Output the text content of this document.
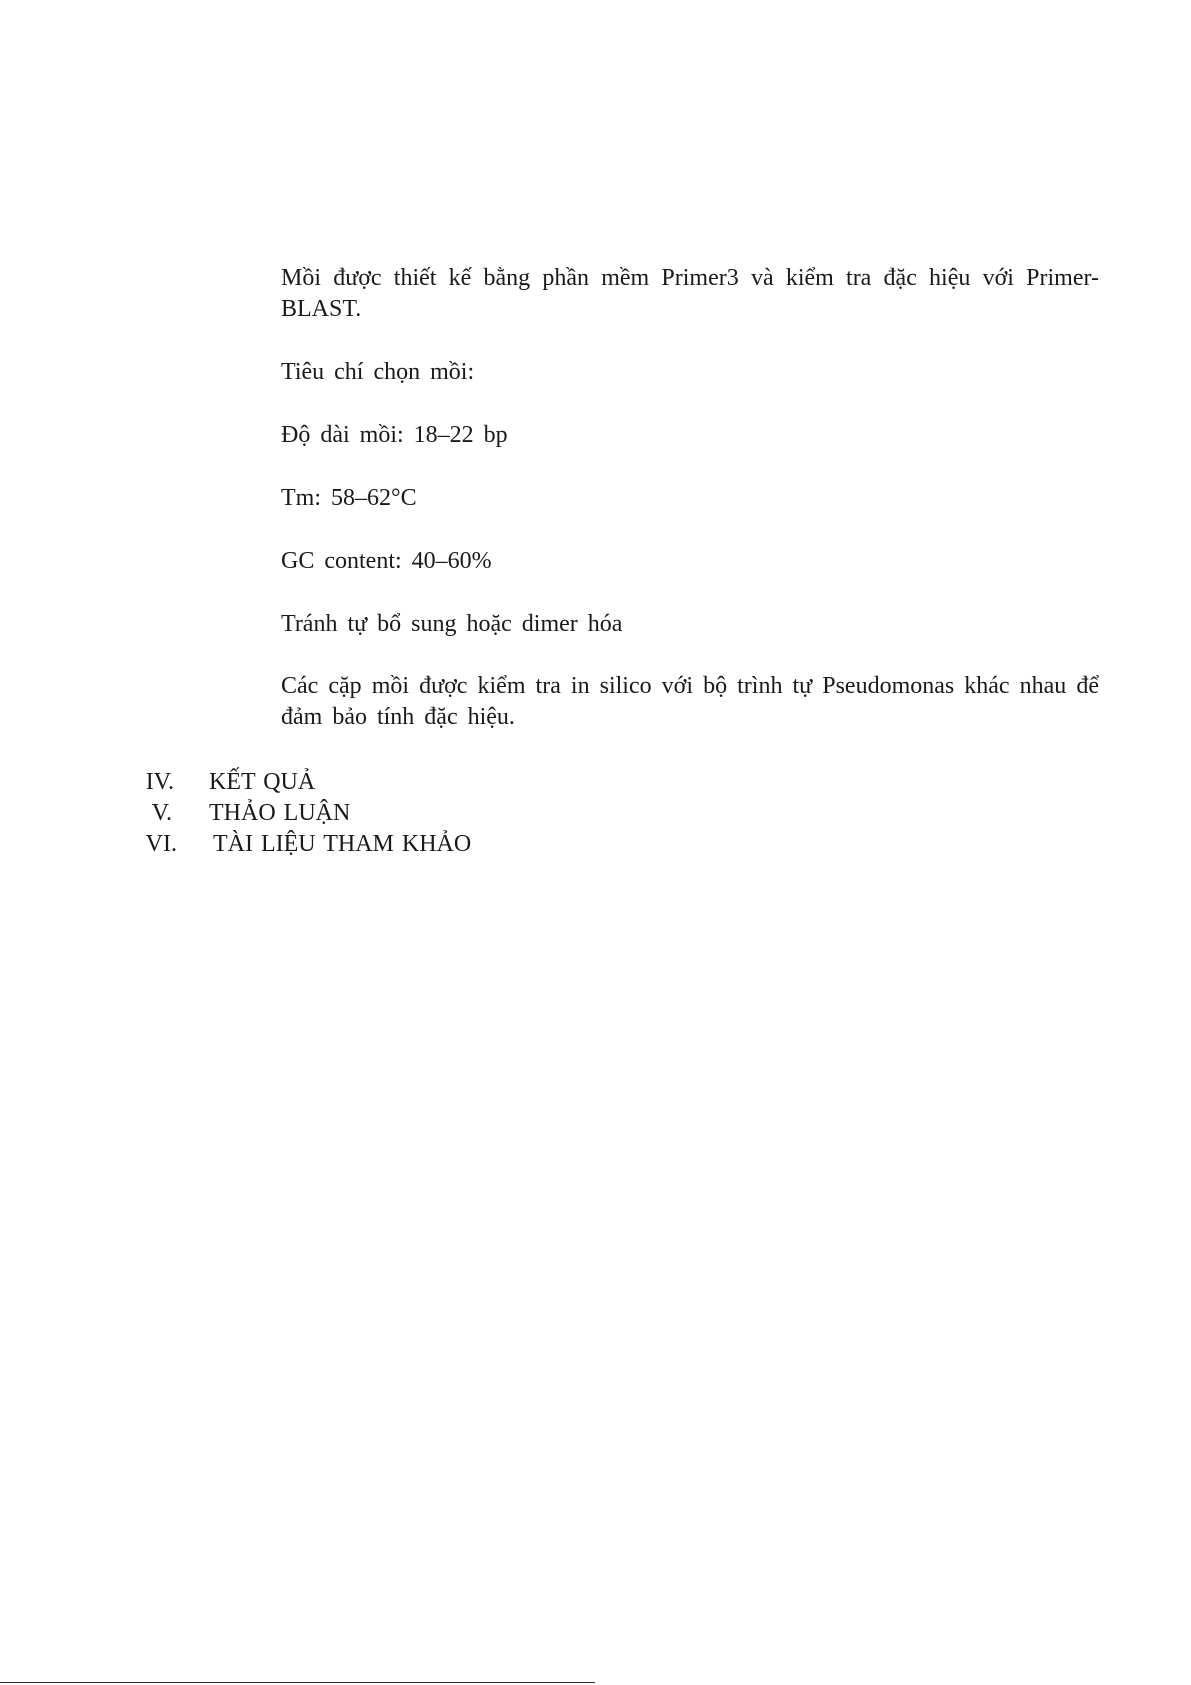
Mồi được thiết kế bằng phần mềm Primer3 và kiểm tra đặc hiệu với Primer-BLAST.
Tiêu chí chọn mồi:
Độ dài mồi: 18–22 bp
Tm: 58–62°C
GC content: 40–60%
Tránh tự bổ sung hoặc dimer hóa
Các cặp mồi được kiểm tra in silico với bộ trình tự Pseudomonas khác nhau để đảm bảo tính đặc hiệu.
IV. KẾT QUẢ
V. THẢO LUẬN
VI. TÀI LIỆU THAM KHẢO
